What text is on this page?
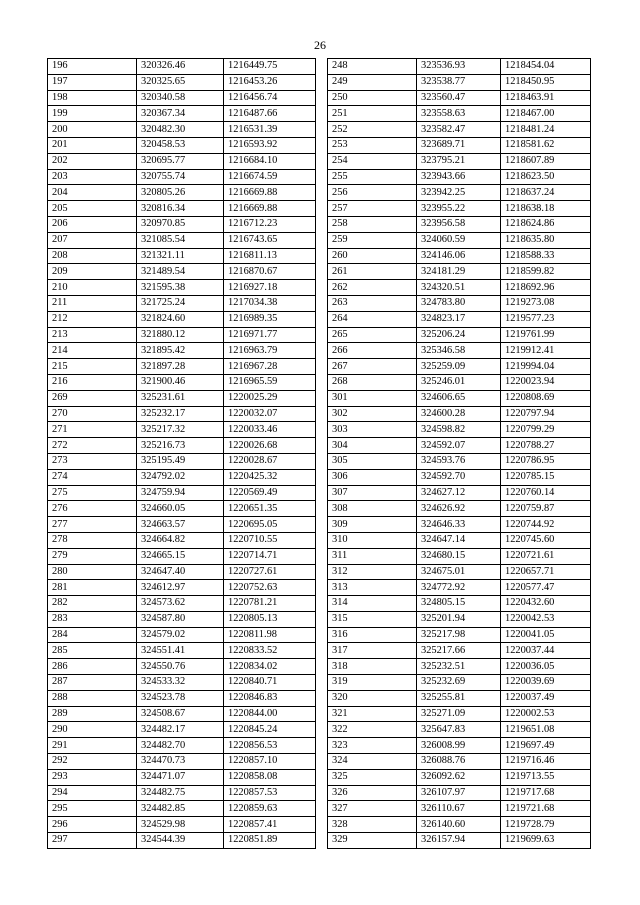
26
196	320326.46	1216449.75		248	323536.93	1218454.04
197	320325.65	1216453.26		249	323538.77	1218450.95
198	320340.58	1216456.74		250	323560.47	1218463.91
199	320367.34	1216487.66		251	323558.63	1218467.00
200	320482.30	1216531.39		252	323582.47	1218481.24
201	320458.53	1216593.92		253	323689.71	1218581.62
202	320695.77	1216684.10		254	323795.21	1218607.89
203	320755.74	1216674.59		255	323943.66	1218623.50
204	320805.26	1216669.88		256	323942.25	1218637.24
205	320816.34	1216669.88		257	323955.22	1218638.18
206	320970.85	1216712.23		258	323956.58	1218624.86
207	321085.54	1216743.65		259	324060.59	1218635.80
208	321321.11	1216811.13		260	324146.06	1218588.33
209	321489.54	1216870.67		261	324181.29	1218599.82
210	321595.38	1216927.18		262	324320.51	1218692.96
211	321725.24	1217034.38		263	324783.80	1219273.08
212	321824.60	1216989.35		264	324823.17	1219577.23
213	321880.12	1216971.77		265	325206.24	1219761.99
214	321895.42	1216963.79		266	325346.58	1219912.41
215	321897.28	1216967.28		267	325259.09	1219994.04
216	321900.46	1216965.59		268	325246.01	1220023.94
269	325231.61	1220025.29		301	324606.65	1220808.69
270	325232.17	1220032.07		302	324600.28	1220797.94
271	325217.32	1220033.46		303	324598.82	1220799.29
272	325216.73	1220026.68		304	324592.07	1220788.27
273	325195.49	1220028.67		305	324593.76	1220786.95
274	324792.02	1220425.32		306	324592.70	1220785.15
275	324759.94	1220569.49		307	324627.12	1220760.14
276	324660.05	1220651.35		308	324626.92	1220759.87
277	324663.57	1220695.05		309	324646.33	1220744.92
278	324664.82	1220710.55		310	324647.14	1220745.60
279	324665.15	1220714.71		311	324680.15	1220721.61
280	324647.40	1220727.61		312	324675.01	1220657.71
281	324612.97	1220752.63		313	324772.92	1220577.47
282	324573.62	1220781.21		314	324805.15	1220432.60
283	324587.80	1220805.13		315	325201.94	1220042.53
284	324579.02	1220811.98		316	325217.98	1220041.05
285	324551.41	1220833.52		317	325217.66	1220037.44
286	324550.76	1220834.02		318	325232.51	1220036.05
287	324533.32	1220840.71		319	325232.69	1220039.69
288	324523.78	1220846.83		320	325255.81	1220037.49
289	324508.67	1220844.00		321	325271.09	1220002.53
290	324482.17	1220845.24		322	325647.83	1219651.08
291	324482.70	1220856.53		323	326008.99	1219697.49
292	324470.73	1220857.10		324	326088.76	1219716.46
293	324471.07	1220858.08		325	326092.62	1219713.55
294	324482.75	1220857.53		326	326107.97	1219717.68
295	324482.85	1220859.63		327	326110.67	1219721.68
296	324529.98	1220857.41		328	326140.60	1219728.79
297	324544.39	1220851.89		329	326157.94	1219699.63
